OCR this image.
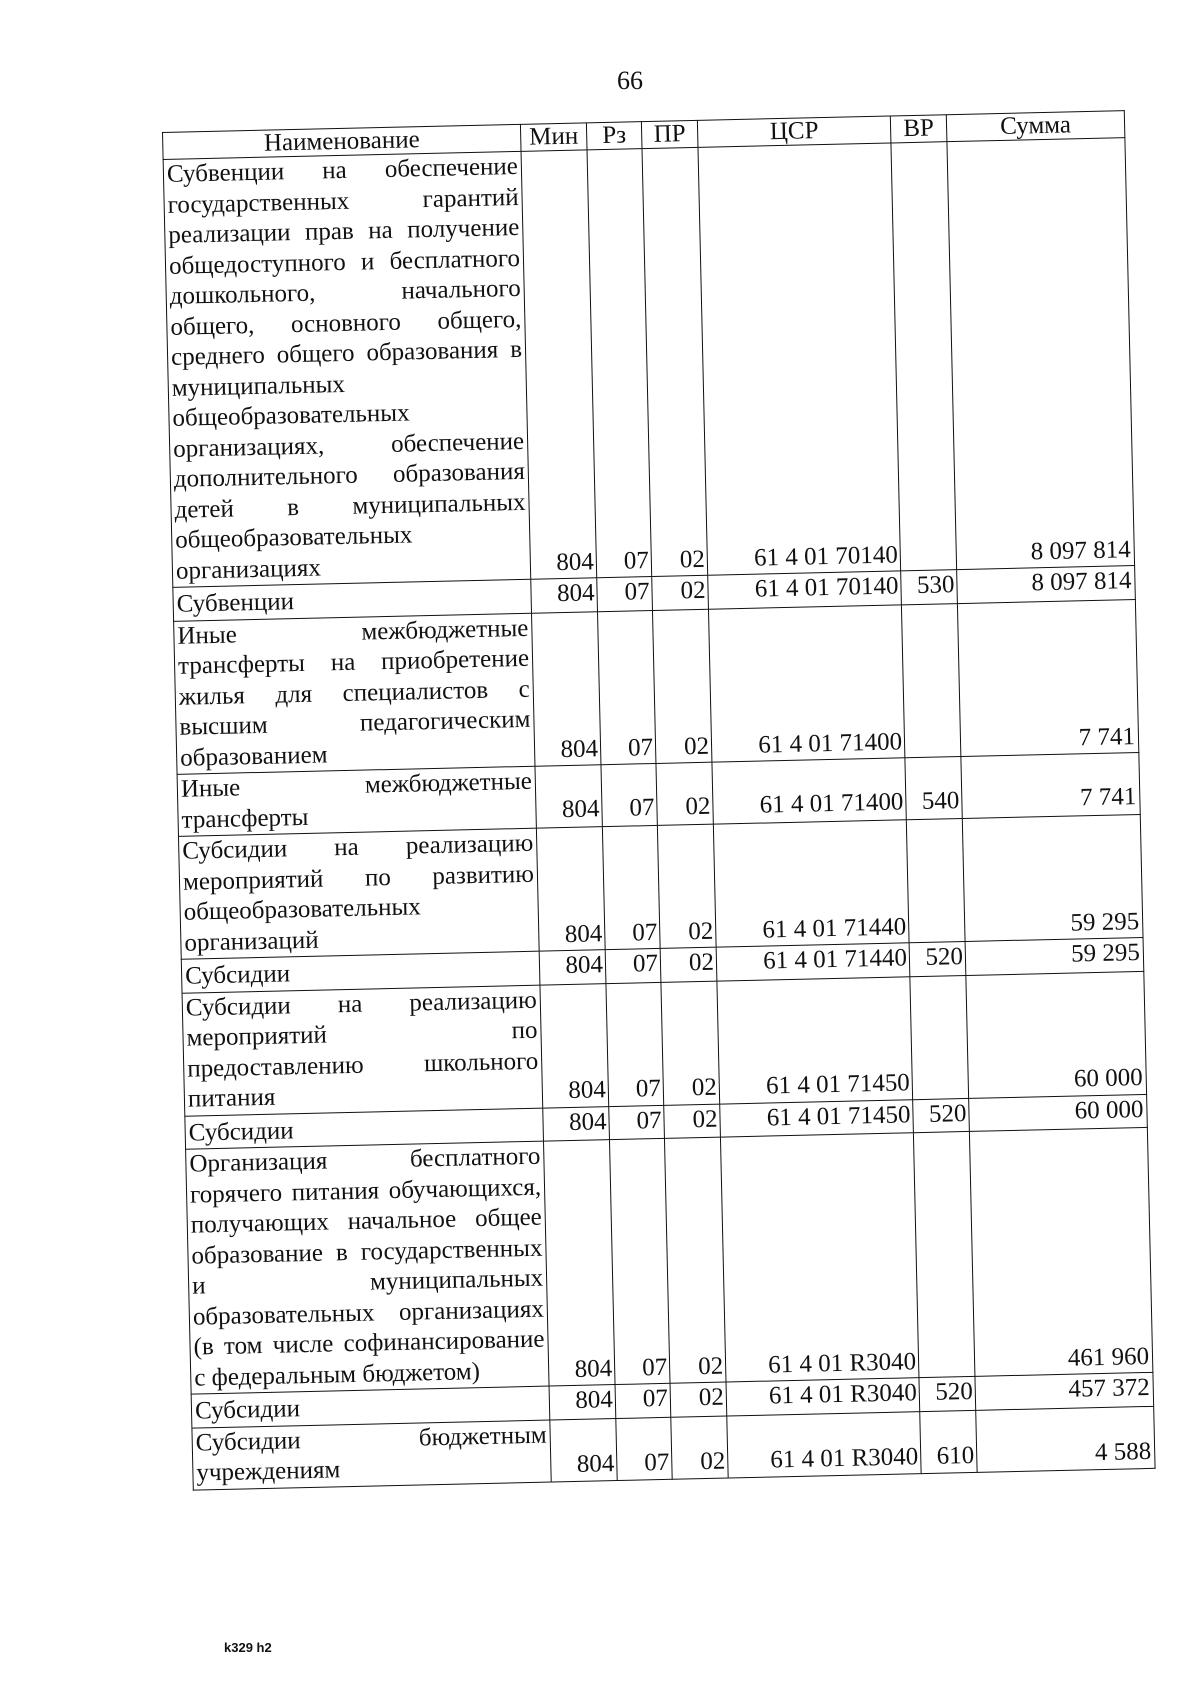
66
Наименование	Мин	Рз	ПР	ЦСР	ВР	Сумма
Субвенции на обеспечение государственных гарантий реализации прав на получение общедоступного и бесплатного дошкольного, начального общего, основного общего, среднего общего образования в муниципальных общеобразовательных организациях, обеспечение дополнительного образования детей в муниципальных общеобразовательных организациях	804	07	02	61 4 01 70140		8 097 814
Субвенции	804	07	02	61 4 01 70140	530	8 097 814
Иные межбюджетные трансферты на приобретение жилья для специалистов с высшим педагогическим образованием	804	07	02	61 4 01 71400		7 741
Иные межбюджетные трансферты	804	07	02	61 4 01 71400	540	7 741
Субсидии на реализацию мероприятий по развитию общеобразовательных организаций	804	07	02	61 4 01 71440		59 295
Субсидии	804	07	02	61 4 01 71440	520	59 295
Субсидии на реализацию мероприятий по предоставлению школьного питания	804	07	02	61 4 01 71450		60 000
Субсидии	804	07	02	61 4 01 71450	520	60 000
Организация бесплатного горячего питания обучающихся, получающих начальное общее образование в государственных и муниципальных образовательных организациях (в том числе софинансирование с федеральным бюджетом)	804	07	02	61 4 01 R3040		461 960
Субсидии	804	07	02	61 4 01 R3040	520	457 372
Субсидии бюджетным учреждениям	804	07	02	61 4 01 R3040	610	4 588
k329 h2
